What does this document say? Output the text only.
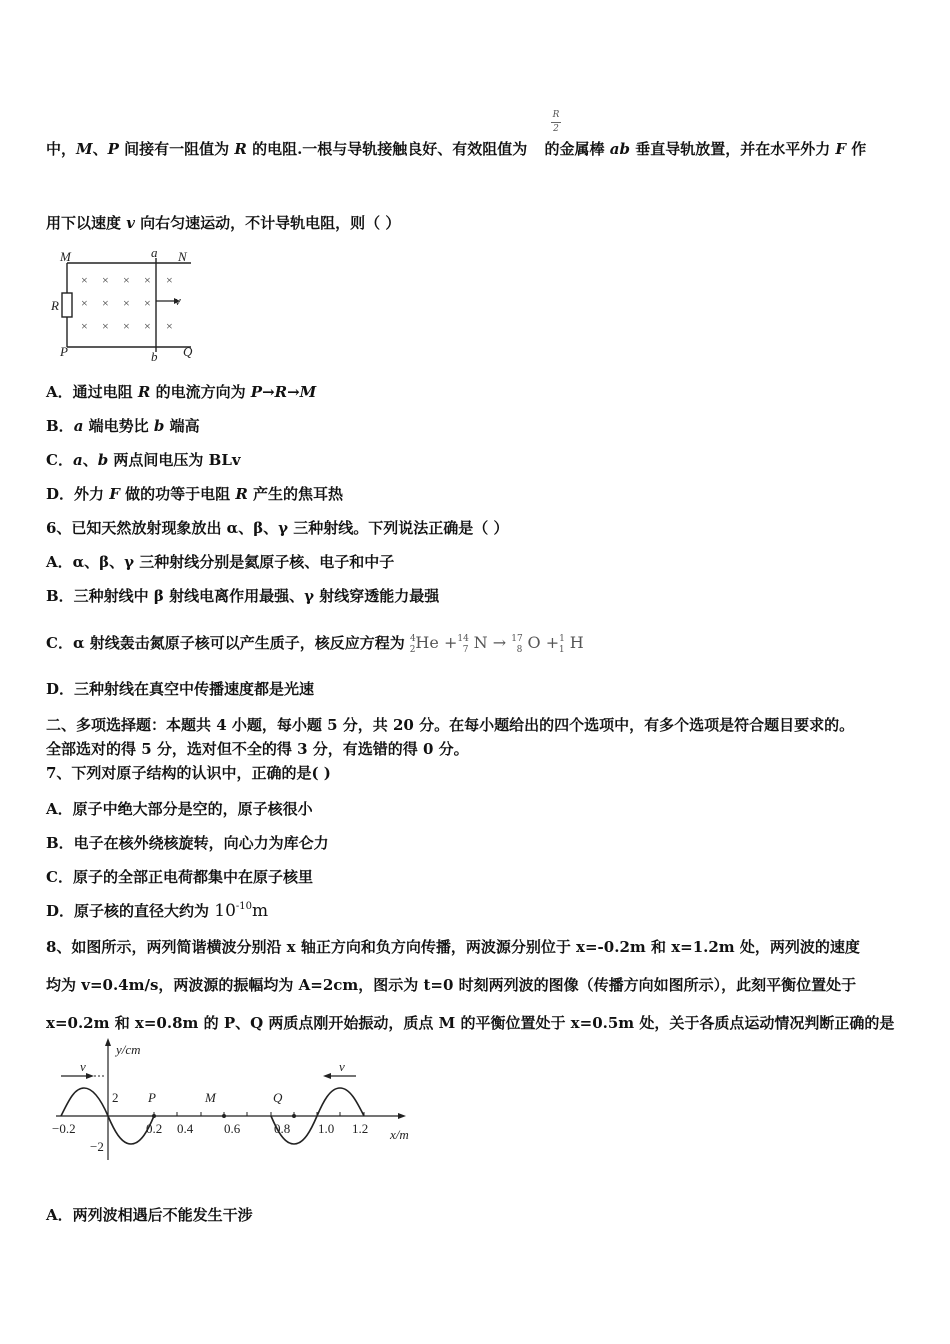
中，M、P 间接有一阻值为 R 的电阻.一根与导轨接触良好、有效阻值为 的金属棒 ab 垂直导轨放置，并在水平外力 F 作
R
2
用下以速度 v 向右匀速运动，不计导轨电阻，则（ ）
× × × × ×
× × × ×
× × × × ×
M	N
a
b
P	Q
R	v
A．通过电阻 R 的电流方向为 P→R→M
B．a 端电势比 b 端高
C．a、b 两点间电压为 BLv
D．外力 F 做的功等于电阻 R 产生的焦耳热
6、已知天然放射现象放出 α、β、γ 三种射线。下列说法正确是（ ）
A．α、β、γ 三种射线分别是氦原子核、电子和中子
B．三种射线中 β 射线电离作用最强、γ 射线穿透能力最强
C．α 射线轰击氮原子核可以产生质子，核反应方程为 $^4_2$He +$^{14}_7$ N → $^{17}_8$ O +$^1_1$ H
D．三种射线在真空中传播速度都是光速
二、多项选择题：本题共 4 小题，每小题 5 分，共 20 分。在每小题给出的四个选项中，有多个选项是符合题目要求的。
全部选对的得 5 分，选对但不全的得 3 分，有选错的得 0 分。
7、下列对原子结构的认识中，正确的是( )
A．原子中绝大部分是空的，原子核很小
B．电子在核外绕核旋转，向心力为库仑力
C．原子的全部正电荷都集中在原子核里
D．原子核的直径大约为 $10^{-10}m$
8、如图所示，两列简谐横波分别沿 x 轴正方向和负方向传播，两波源分别位于 x=-0.2m 和 x=1.2m 处，两列波的速度
均为 v=0.4m/s，两波源的振幅均为 A=2cm，图示为 t=0 时刻两列波的图像（传播方向如图所示），此刻平衡位置处于
x=0.2m 和 x=0.8m 的 P、Q 两质点刚开始振动，质点 M 的平衡位置处于 x=0.5m 处，关于各质点运动情况判断正确的是
y/cm
x/m
2
−2
−0.2	0.2 0.4 0.6	0.8 1.0 1.2
P	M	Q
v	v
A．两列波相遇后不能发生干涉
